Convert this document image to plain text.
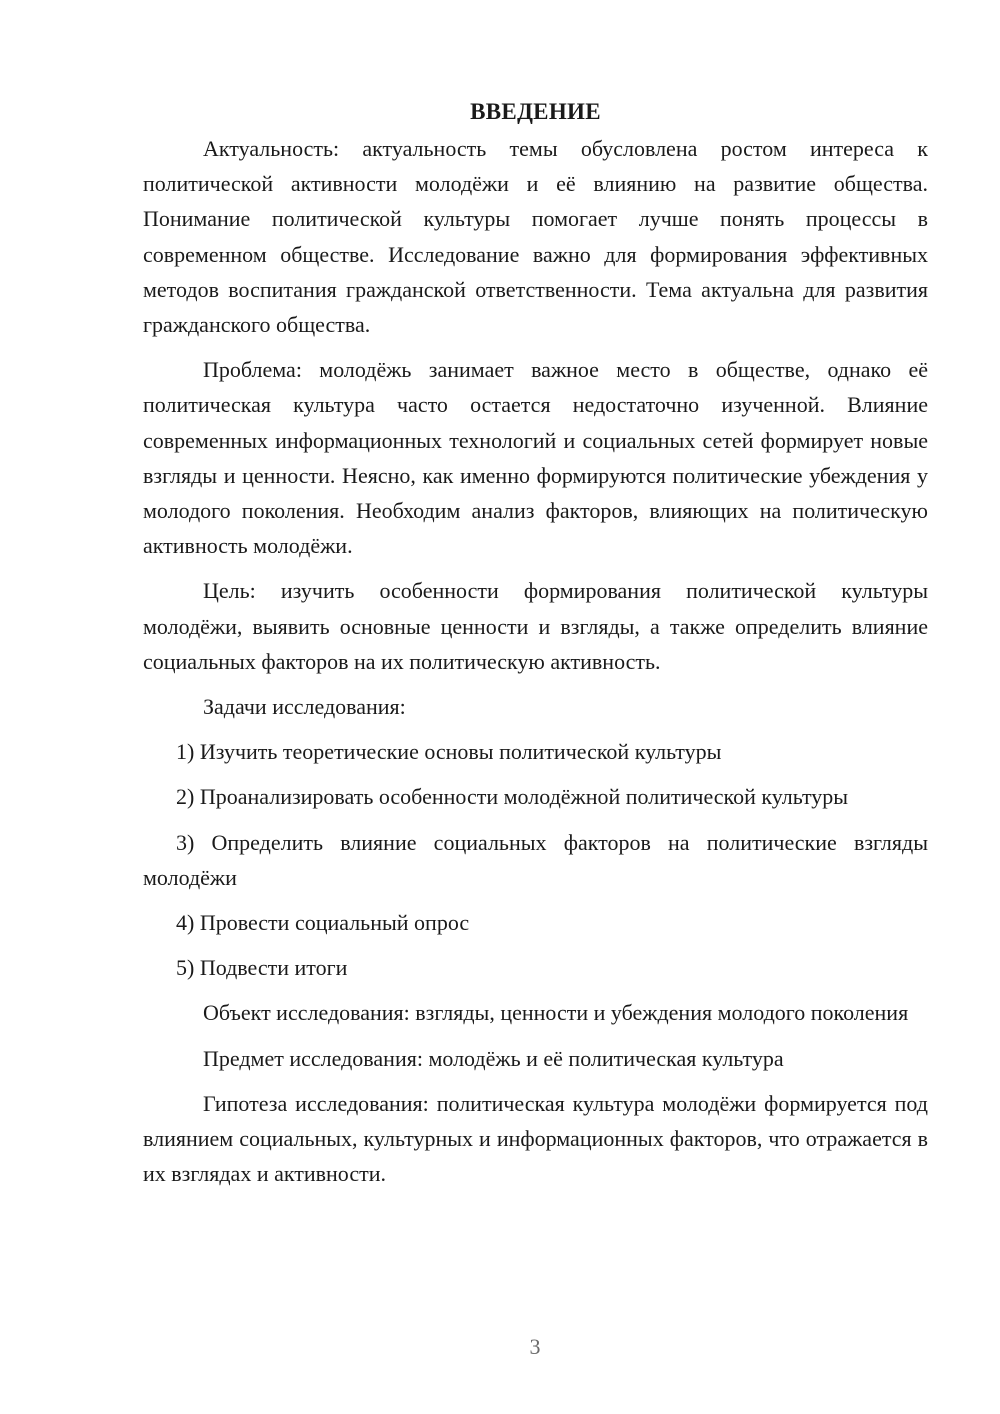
ВВЕДЕНИЕ

Актуальность: актуальность темы обусловлена ростом интереса к политической активности молодёжи и её влиянию на развитие общества. Понимание политической культуры помогает лучше понять процессы в современном обществе. Исследование важно для формирования эффективных методов воспитания гражданской ответственности. Тема актуальна для развития гражданского общества.

Проблема: молодёжь занимает важное место в обществе, однако её политическая культура часто остается недостаточно изученной. Влияние современных информационных технологий и социальных сетей формирует новые взгляды и ценности. Неясно, как именно формируются политические убеждения у молодого поколения. Необходим анализ факторов, влияющих на политическую активность молодёжи.

Цель: изучить особенности формирования политической культуры молодёжи, выявить основные ценности и взгляды, а также определить влияние социальных факторов на их политическую активность.

Задачи исследования:

1) Изучить теоретические основы политической культуры

2) Проанализировать особенности молодёжной политической культуры

3) Определить влияние социальных факторов на политические взгляды молодёжи

4) Провести социальный опрос

5) Подвести итоги

Объект исследования: взгляды, ценности и убеждения молодого поколения

Предмет исследования: молодёжь и её политическая культура

Гипотеза исследования: политическая культура молодёжи формируется под влиянием социальных, культурных и информационных факторов, что отражается в их взглядах и активности.

3
